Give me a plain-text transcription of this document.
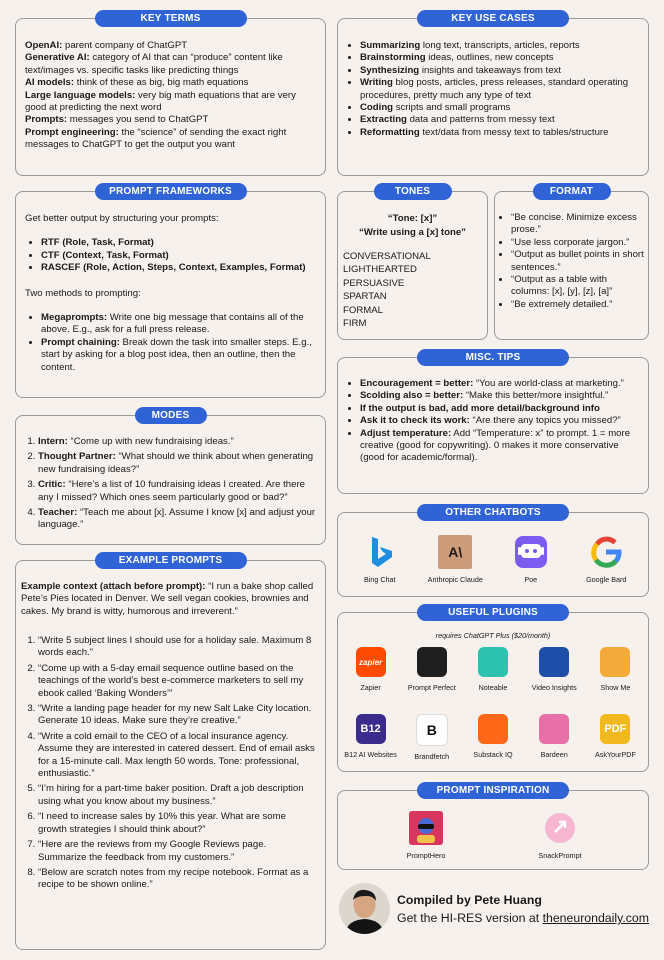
KEY TERMS
OpenAI: parent company of ChatGPT
Generative AI: category of AI that can “produce” content like text/images vs. specific tasks like predicting things
AI models: think of these as big, big math equations
Large language models: very big math equations that are very good at predicting the next word
Prompts: messages you send to ChatGPT
Prompt engineering: the “science” of sending the exact right messages to ChatGPT to get the output you want
KEY USE CASES
• Summarizing long text, transcripts, articles, reports
• Brainstorming ideas, outlines, new concepts
• Synthesizing insights and takeaways from text
• Writing blog posts, articles, press releases, standard operating procedures, pretty much any type of text
• Coding scripts and small programs
• Extracting data and patterns from messy text
• Reformatting text/data from messy text to tables/structure
PROMPT FRAMEWORKS
Get better output by structuring your prompts:
• RTF (Role, Task, Format)
• CTF (Context, Task, Format)
• RASCEF (Role, Action, Steps, Context, Examples, Format)
Two methods to prompting:
• Megaprompts: Write one big message that contains all of the above. E.g., ask for a full press release.
• Prompt chaining: Break down the task into smaller steps. E.g., start by asking for a blog post idea, then an outline, then the content.
TONES
“Tone: [x]”
“Write using a [x] tone”
CONVERSATIONAL
LIGHTHEARTED
PERSUASIVE
SPARTAN
FORMAL
FIRM
FORMAT
• “Be concise. Minimize excess prose.”
• “Use less corporate jargon.”
• “Output as bullet points in short sentences.”
• “Output as a table with columns: [x], [y], [z], [a]”
• “Be extremely detailed.”
MISC. TIPS
• Encouragement = better: “You are world-class at marketing.”
• Scolding also = better: “Make this better/more insightful.”
• If the output is bad, add more detail/background info
• Ask it to check its work: “Are there any topics you missed?”
• Adjust temperature: Add “Temperature: x” to prompt. 1 = more creative (good for copywriting). 0 makes it more conservative (good for academic/formal).
MODES
1. Intern: “Come up with new fundraising ideas.”
2. Thought Partner: “What should we think about when generating new fundraising ideas?”
3. Critic: “Here’s a list of 10 fundraising ideas I created. Are there any I missed? Which ones seem particularly good or bad?”
4. Teacher: “Teach me about [x]. Assume I know [x] and adjust your language.”
OTHER CHATBOTS
Bing Chat
A\
Anthropic Claude	Poe	Google Bard
EXAMPLE PROMPTS
Example context (attach before prompt): “I run a bake shop called Pete’s Pies located in Denver. We sell vegan cookies, brownies and cakes. My brand is witty, humorous and irreverent.”
1. “Write 5 subject lines I should use for a holiday sale. Maximum 8 words each.”
2. “Come up with a 5-day email sequence outline based on the teachings of the world’s best e-commerce marketers to sell my ebook called ‘Baking Wonders’”
3. “Write a landing page header for my new Salt Lake City location. Generate 10 ideas. Make sure they’re creative.”
4. “Write a cold email to the CEO of a local insurance agency. Assume they are interested in catered dessert. End of email asks for a 15-minute call. Max length 50 words. Tone: professional, enthusiastic.”
5. “I’m hiring for a part-time baker position. Draft a job description using what you know about my business.”
6. “I need to increase sales by 10% this year. What are some growth strategies I should think about?”
7. “Here are the reviews from my Google Reviews page. Summarize the feedback from my customers.”
8. “Below are scratch notes from my recipe notebook. Format as a recipe to be shown online.”
USEFUL PLUGINS
requires ChatGPT Plus ($20/month)
zapier
Zapier	Prompt Perfect	Noteable	Video Insights	Show Me
B12
B12 AI Websites
B
Brandfetch	Substack IQ	Bardeen
PDF
AskYourPDF
PROMPT INSPIRATION
PromptHero	SnackPrompt
Compiled by Pete Huang
Get the HI-RES version at theneurondaily.com
